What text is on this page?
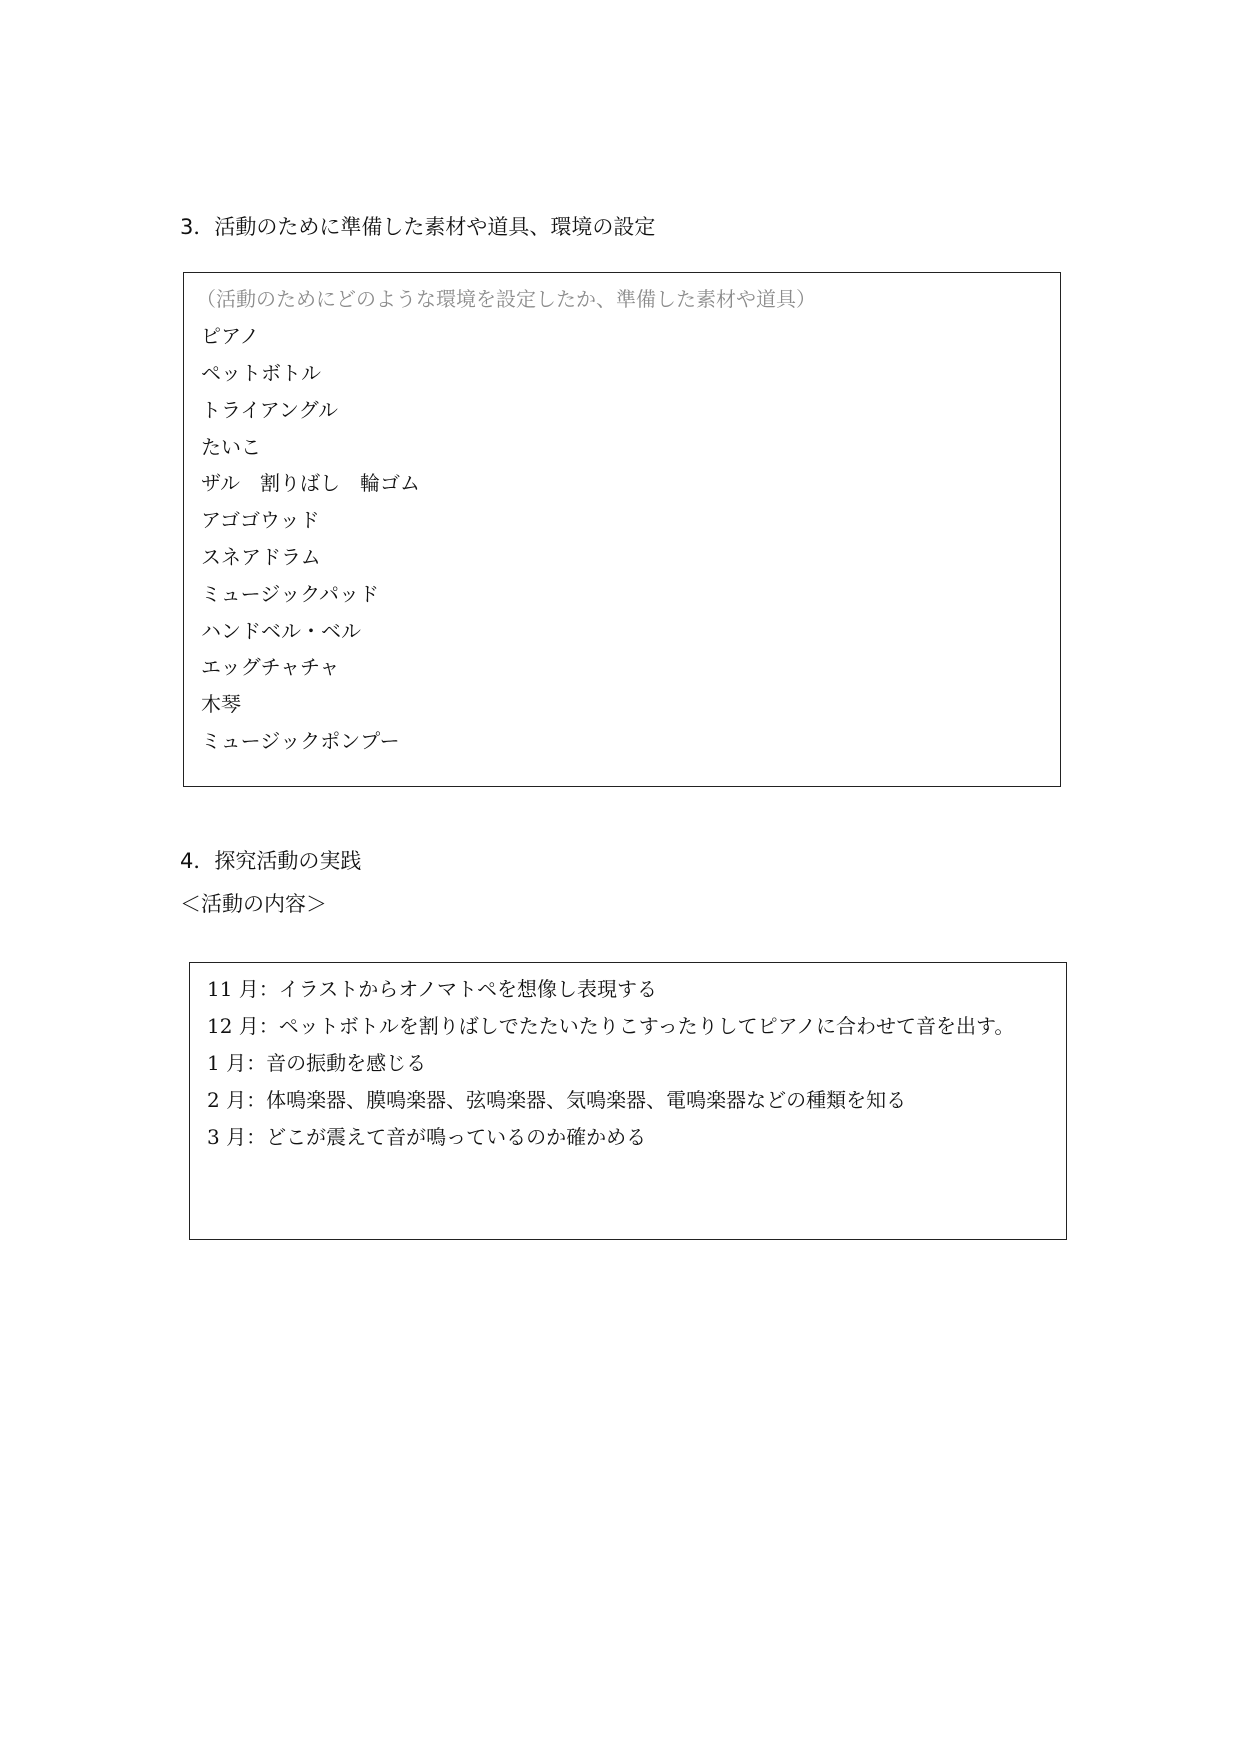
3．活動のために準備した素材や道具、環境の設定
（活動のためにどのような環境を設定したか、準備した素材や道具）
ピアノ
ペットボトル
トライアングル
たいこ
ザル　割りばし　輪ゴム
アゴゴウッド
スネアドラム
ミュージックパッド
ハンドベル・ベル
エッグチャチャ
木琴
ミュージックポンプー
4．探究活動の実践
＜活動の内容＞
11 月：イラストからオノマトペを想像し表現する
12 月：ペットボトルを割りばしでたたいたりこすったりしてピアノに合わせて音を出す。
1 月：音の振動を感じる
2 月：体鳴楽器、膜鳴楽器、弦鳴楽器、気鳴楽器、電鳴楽器などの種類を知る
3 月：どこが震えて音が鳴っているのか確かめる
